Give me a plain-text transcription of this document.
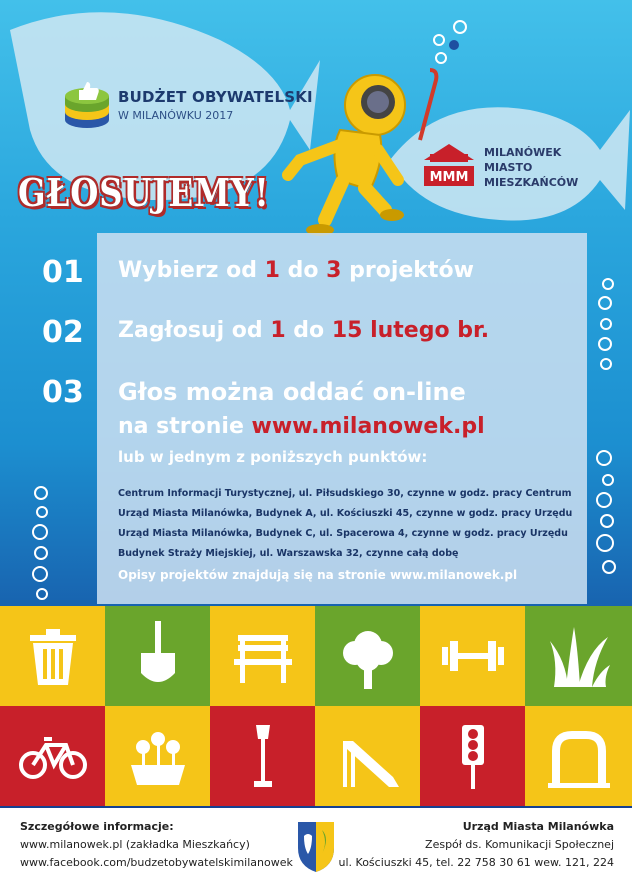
BUDŻET OBYWATELSKI
W MILANÓWKU 2017
GŁOSUJEMY!	MMM
MILANÓWEK
MIASTO
MIESZKAŃCÓW
01 Wybierz od 1 do 3 projektów
02 Zagłosuj od 1 do 15 lutego br.
03 Głos można oddać on-line
na stronie www.milanowek.pl
lub w jednym z poniższych punktów:
Centrum Informacji Turystycznej, ul. Piłsudskiego 30, czynne w godz. pracy Centrum
Urząd Miasta Milanówka, Budynek A, ul. Kościuszki 45, czynne w godz. pracy Urzędu
Urząd Miasta Milanówka, Budynek C, ul. Spacerowa 4, czynne w godz. pracy Urzędu
Budynek Straży Miejskiej, ul. Warszawska 32, czynne całą dobę
Opisy projektów znajdują się na stronie www.milanowek.pl
Szczegółowe informacje:
www.milanowek.pl (zakładka Mieszkańcy)
www.facebook.com/budzetobywatelskimilanowek
Urząd Miasta Milanówka
Zespół ds. Komunikacji Społecznej
ul. Kościuszki 45, tel. 22 758 30 61 wew. 121, 224
